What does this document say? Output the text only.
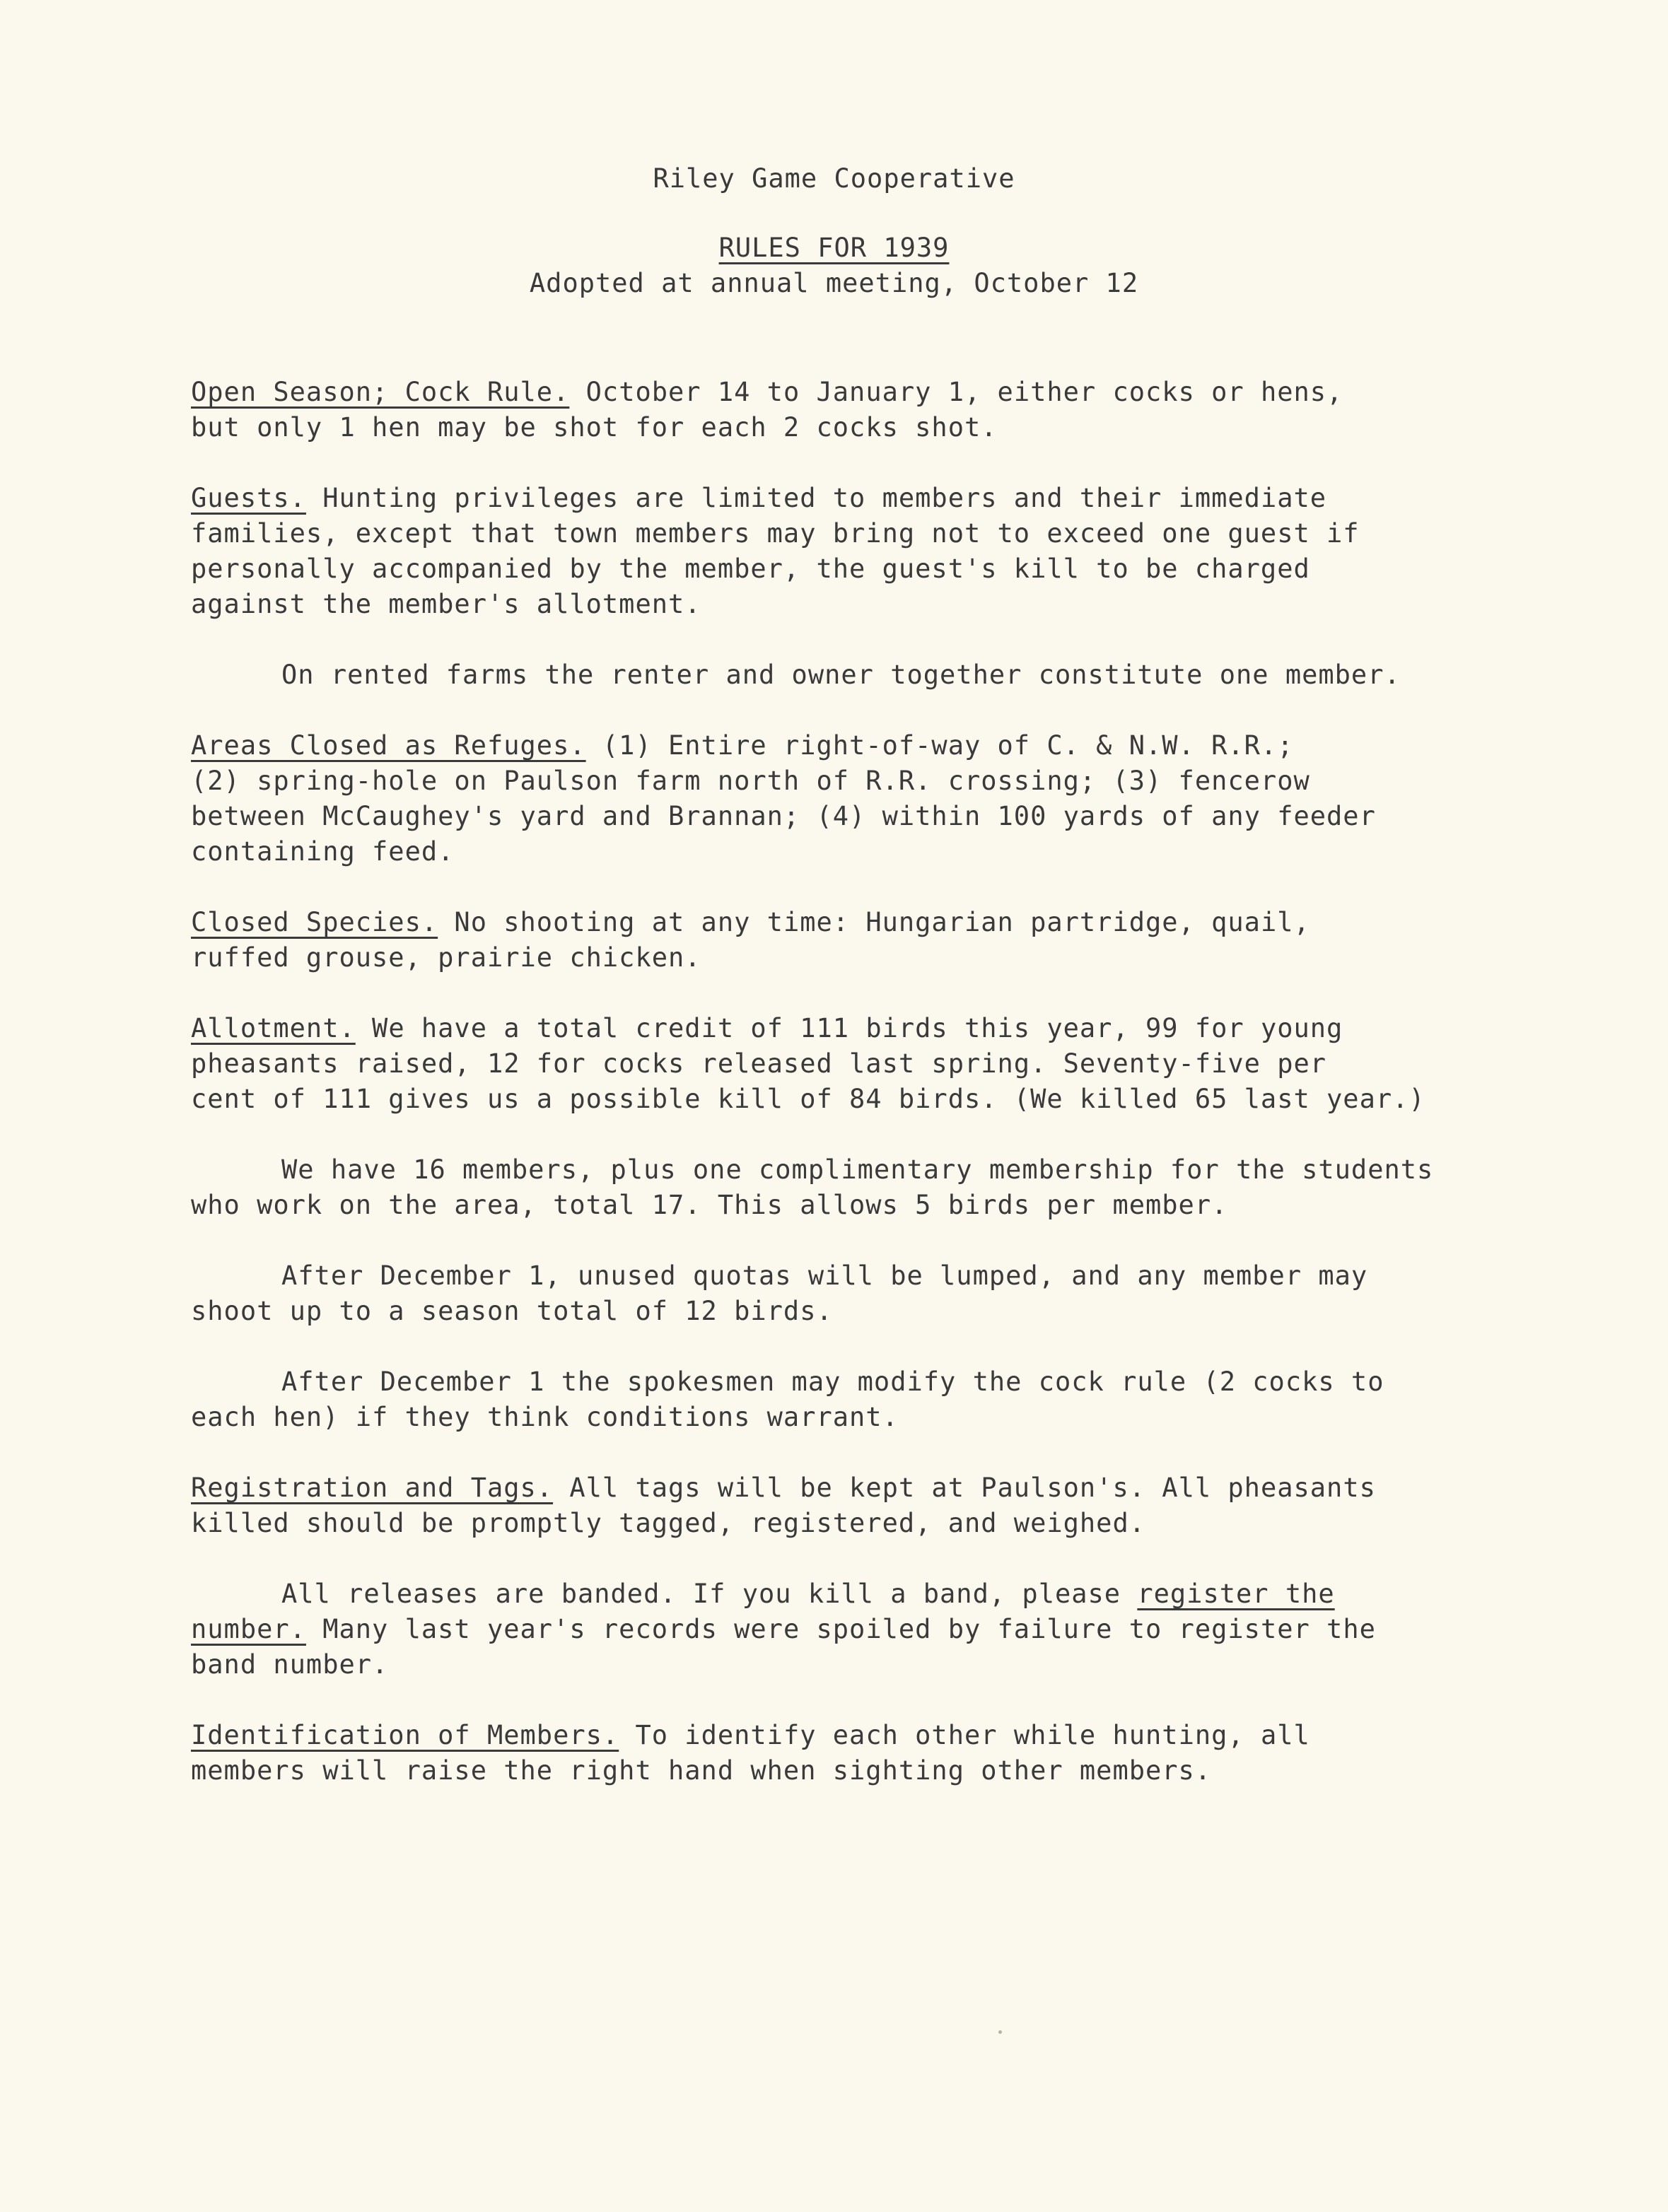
Riley Game Cooperative
RULES FOR 1939
Adopted at annual meeting, October 12
Open Season; Cock Rule. October 14 to January 1, either cocks or hens,
but only 1 hen may be shot for each 2 cocks shot.
Guests. Hunting privileges are limited to members and their immediate
families, except that town members may bring not to exceed one guest if
personally accompanied by the member, the guest's kill to be charged
against the member's allotment.
On rented farms the renter and owner together constitute one member.
Areas Closed as Refuges. (1) Entire right-of-way of C. & N.W. R.R.;
(2) spring-hole on Paulson farm north of R.R. crossing; (3) fencerow
between McCaughey's yard and Brannan; (4) within 100 yards of any feeder
containing feed.
Closed Species. No shooting at any time: Hungarian partridge, quail,
ruffed grouse, prairie chicken.
Allotment. We have a total credit of 111 birds this year, 99 for young
pheasants raised, 12 for cocks released last spring. Seventy-five per
cent of 111 gives us a possible kill of 84 birds. (We killed 65 last year.)
We have 16 members, plus one complimentary membership for the students
who work on the area, total 17. This allows 5 birds per member.
After December 1, unused quotas will be lumped, and any member may
shoot up to a season total of 12 birds.
After December 1 the spokesmen may modify the cock rule (2 cocks to
each hen) if they think conditions warrant.
Registration and Tags. All tags will be kept at Paulson's. All pheasants
killed should be promptly tagged, registered, and weighed.
All releases are banded. If you kill a band, please register the
number. Many last year's records were spoiled by failure to register the
band number.
Identification of Members. To identify each other while hunting, all
members will raise the right hand when sighting other members.
